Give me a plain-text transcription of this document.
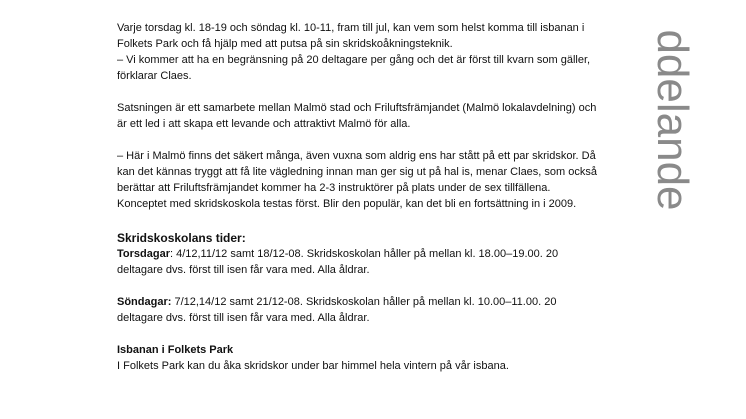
ddelande

Varje torsdag kl. 18-19 och söndag kl. 10-11, fram till jul, kan vem som helst komma till isbanan i Folkets Park och få hjälp med att putsa på sin skridskoåkningsteknik.

– Vi kommer att ha en begränsning på 20 deltagare per gång och det är först till kvarn som gäller, förklarar Claes.

Satsningen är ett samarbete mellan Malmö stad och Friluftsfrämjandet (Malmö lokalavdelning) och är ett led i att skapa ett levande och attraktivt Malmö för alla.

– Här i Malmö finns det säkert många, även vuxna som aldrig ens har stått på ett par skridskor. Då kan det kännas tryggt att få lite vägledning innan man ger sig ut på hal is, menar Claes, som också berättar att Friluftsfrämjandet kommer ha 2-3 instruktörer på plats under de sex tillfällena. Konceptet med skridskoskola testas först. Blir den populär, kan det bli en fortsättning in i 2009.

Skridskoskolans tider:

Torsdagar: 4/12,11/12 samt 18/12-08. Skridskoskolan håller på mellan kl. 18.00–19.00. 20 deltagare dvs. först till isen får vara med. Alla åldrar.

Söndagar: 7/12,14/12 samt 21/12-08. Skridskoskolan håller på mellan kl. 10.00–11.00. 20 deltagare dvs. först till isen får vara med. Alla åldrar.

Isbanan i Folkets Park

I Folkets Park kan du åka skridskor under bar himmel hela vintern på vår isbana.
